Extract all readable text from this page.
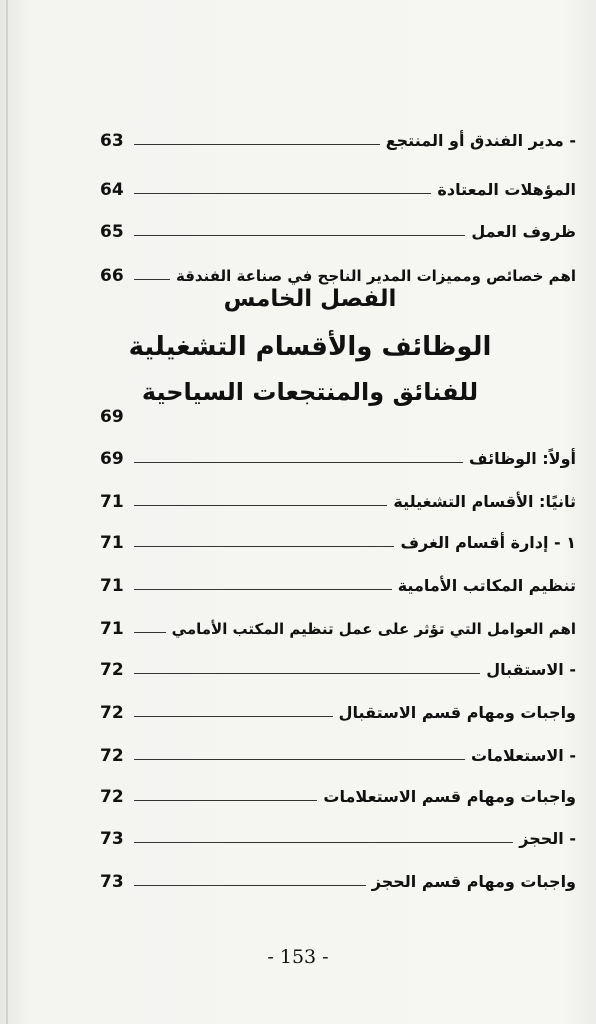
63	- مدير الفندق أو المنتجع
64	المؤهلات المعتادة
65	ظروف العمل
66	اهم خصائص ومميزات المدير الناجح في صناعة الفندقة
الفصل الخامس
الوظائف والأقسام التشغيلية
للفنائق والمنتجعات السياحية
69
69	أولاً: الوظائف
71	ثانيًا: الأقسام التشغيلية
71	١ - إدارة أقسام الغرف
71	تنظيم المكاتب الأمامية
71	اهم العوامل التي تؤثر على عمل تنظيم المكتب الأمامي
72	- الاستقبال
72	واجبات ومهام قسم الاستقبال
72	- الاستعلامات
72	واجبات ومهام قسم الاستعلامات
73	- الحجز
73	واجبات ومهام قسم الحجز
- 153 -
